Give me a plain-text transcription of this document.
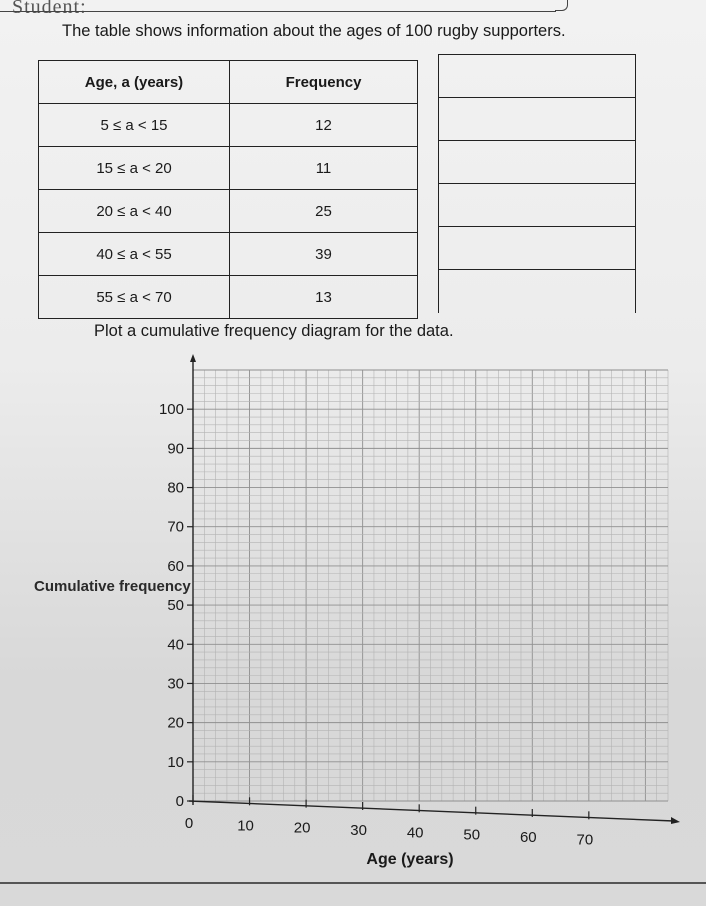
Student:
The table shows information about the ages of 100 rugby supporters.
Age, a (years)	Frequency
5 ≤ a < 15	12
15 ≤ a < 20	11
20 ≤ a < 40	25
40 ≤ a < 55	39
55 ≤ a < 70	13
Plot a cumulative frequency diagram for the data.
Cumulative frequency
0
10
20
30
40
50
60
70
80
90
100
0	10	20	30	40	50	60	70
Age (years)
